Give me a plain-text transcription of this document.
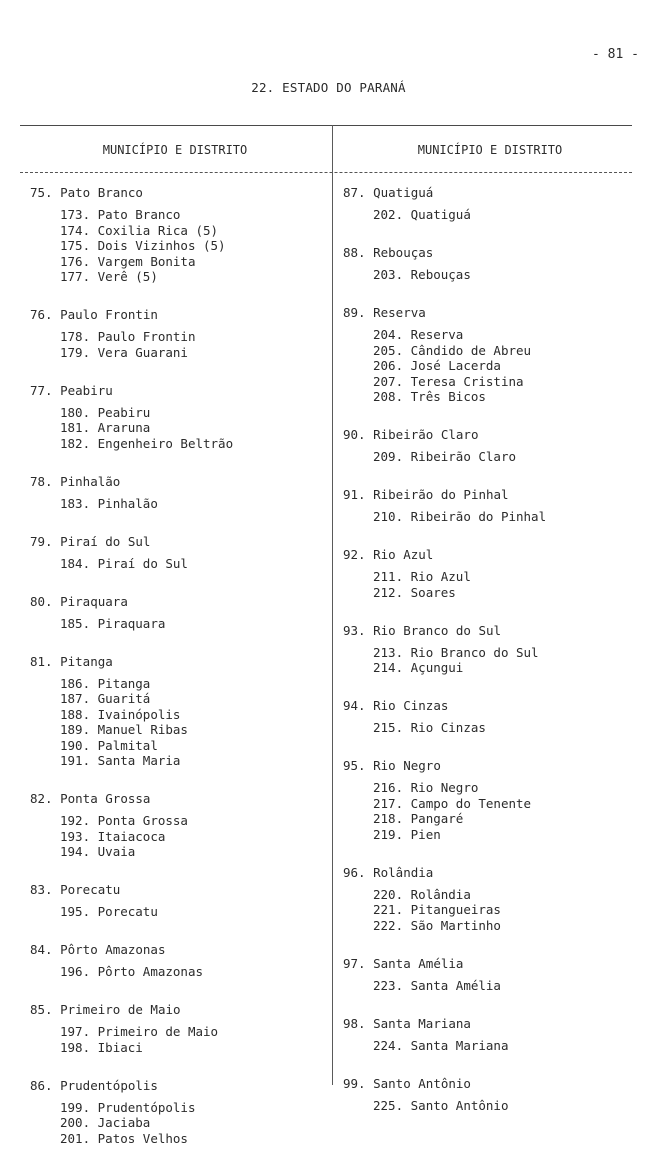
- 81 -
22. ESTADO DO PARANÁ
MUNICÍPIO E DISTRITO	MUNICÍPIO E DISTRITO
75. Pato Branco
173. Pato Branco
174. Coxilia Rica (5)
175. Dois Vizinhos (5)
176. Vargem Bonita
177. Verê (5)
76. Paulo Frontin
178. Paulo Frontin
179. Vera Guarani
77. Peabiru
180. Peabiru
181. Araruna
182. Engenheiro Beltrão
78. Pinhalão
183. Pinhalão
79. Piraí do Sul
184. Piraí do Sul
80. Piraquara
185. Piraquara
81. Pitanga
186. Pitanga
187. Guaritá
188. Ivainópolis
189. Manuel Ribas
190. Palmital
191. Santa Maria
82. Ponta Grossa
192. Ponta Grossa
193. Itaiacoca
194. Uvaia
83. Porecatu
195. Porecatu
84. Pôrto Amazonas
196. Pôrto Amazonas
85. Primeiro de Maio
197. Primeiro de Maio
198. Ibiaci
86. Prudentópolis
199. Prudentópolis
200. Jaciaba
201. Patos Velhos
87. Quatiguá
202. Quatiguá
88. Rebouças
203. Rebouças
89. Reserva
204. Reserva
205. Cândido de Abreu
206. José Lacerda
207. Teresa Cristina
208. Três Bicos
90. Ribeirão Claro
209. Ribeirão Claro
91. Ribeirão do Pinhal
210. Ribeirão do Pinhal
92. Rio Azul
211. Rio Azul
212. Soares
93. Rio Branco do Sul
213. Rio Branco do Sul
214. Açungui
94. Rio Cinzas
215. Rio Cinzas
95. Rio Negro
216. Rio Negro
217. Campo do Tenente
218. Pangaré
219. Pien
96. Rolândia
220. Rolândia
221. Pitangueiras
222. São Martinho
97. Santa Amélia
223. Santa Amélia
98. Santa Mariana
224. Santa Mariana
99. Santo Antônio
225. Santo Antônio
